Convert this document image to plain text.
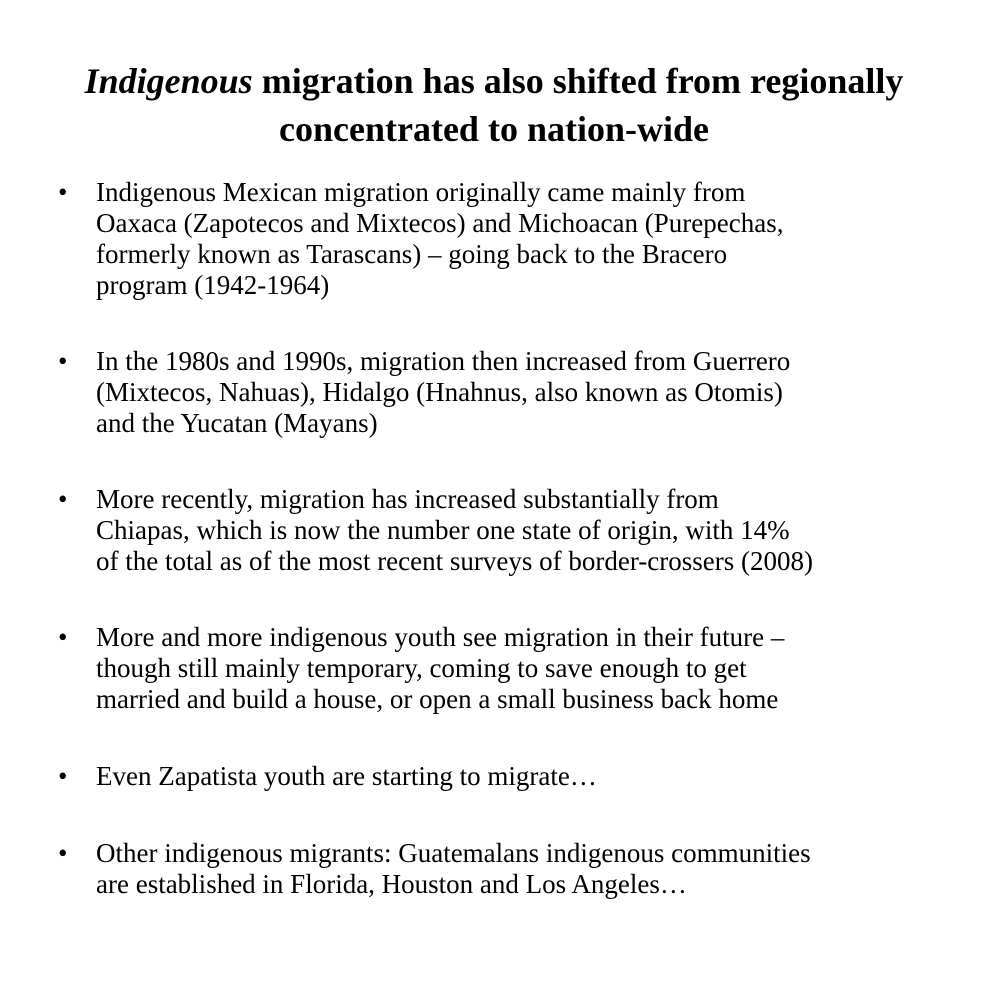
Indigenous migration has also shifted from regionally
concentrated to nation-wide
• Indigenous Mexican migration originally came mainly from
Oaxaca (Zapotecos and Mixtecos) and Michoacan (Purepechas,
formerly known as Tarascans) – going back to the Bracero
program (1942-1964)
• In the 1980s and 1990s, migration then increased from Guerrero
(Mixtecos, Nahuas), Hidalgo (Hnahnus, also known as Otomis)
and the Yucatan (Mayans)
• More recently, migration has increased substantially from
Chiapas, which is now the number one state of origin, with 14%
of the total as of the most recent surveys of border-crossers (2008)
• More and more indigenous youth see migration in their future –
though still mainly temporary, coming to save enough to get
married and build a house, or open a small business back home
• Even Zapatista youth are starting to migrate…
• Other indigenous migrants: Guatemalans indigenous communities
are established in Florida, Houston and Los Angeles…
